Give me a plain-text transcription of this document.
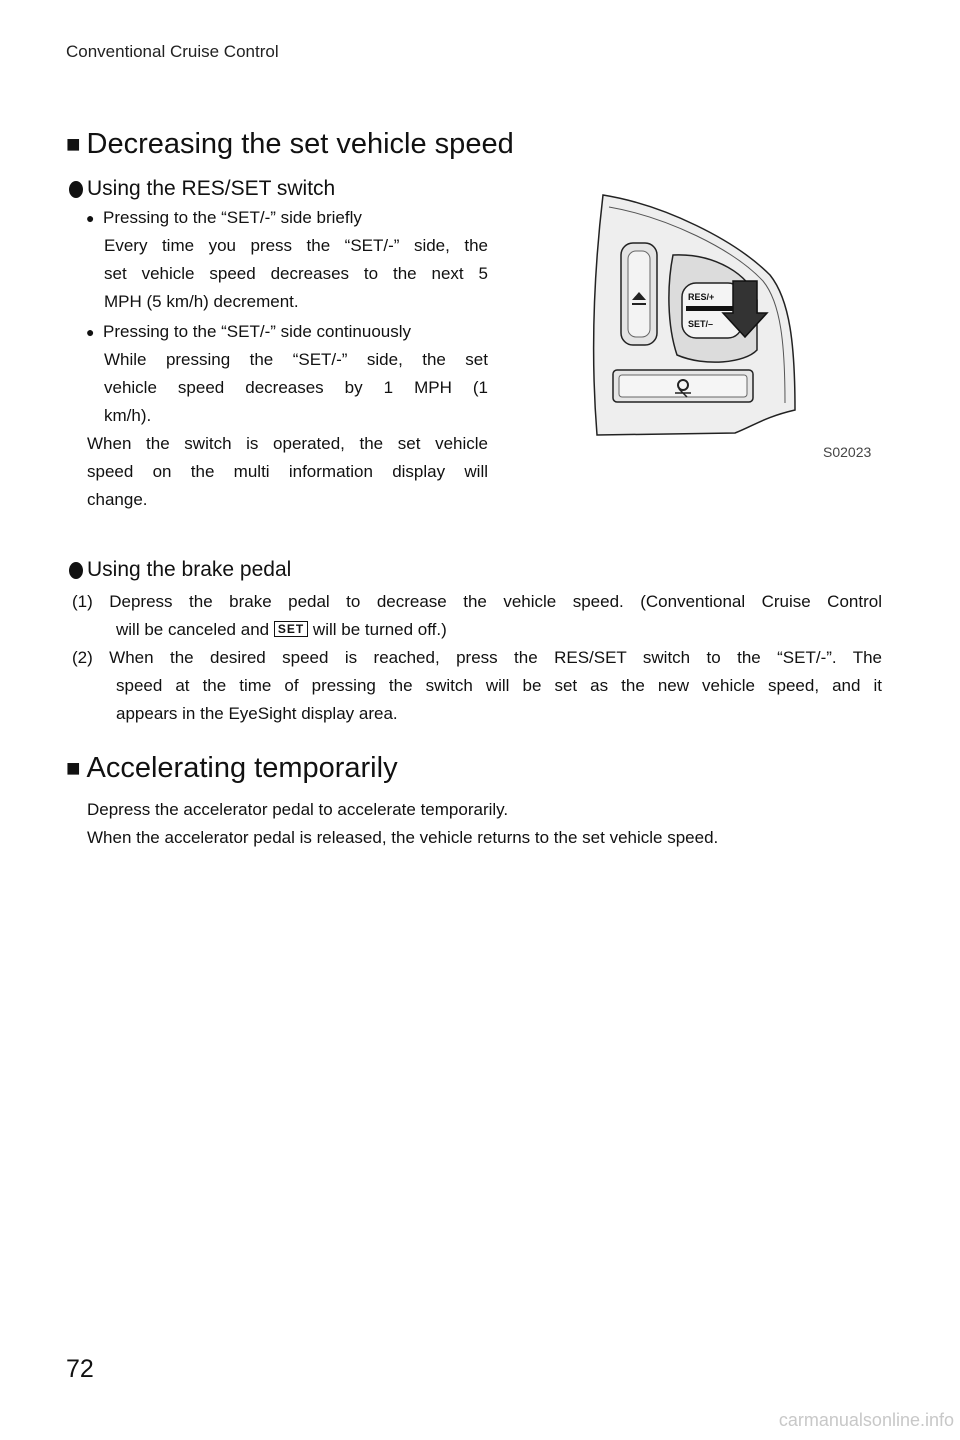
Conventional Cruise Control
■ Decreasing the set vehicle speed
Using the RES/SET switch
● Pressing to the “SET/-” side briefly
Every time you press the “SET/-” side, the
set vehicle speed decreases to the next 5
MPH (5 km/h) decrement.
● Pressing to the “SET/-” side continuously
While pressing the “SET/-” side, the set
vehicle speed decreases by 1 MPH (1
km/h).
When the switch is operated, the set vehicle
speed on the multi information display will
change.
RES/+
SET/–
S02023
Using the brake pedal
(1) Depress the brake pedal to decrease the vehicle speed. (Conventional Cruise Control
will be canceled and SET will be turned off.)
(2) When the desired speed is reached, press the RES/SET switch to the “SET/-”. The
speed at the time of pressing the switch will be set as the new vehicle speed, and it
appears in the EyeSight display area.
■ Accelerating temporarily
Depress the accelerator pedal to accelerate temporarily.
When the accelerator pedal is released, the vehicle returns to the set vehicle speed.
72
carmanualsonline.info
